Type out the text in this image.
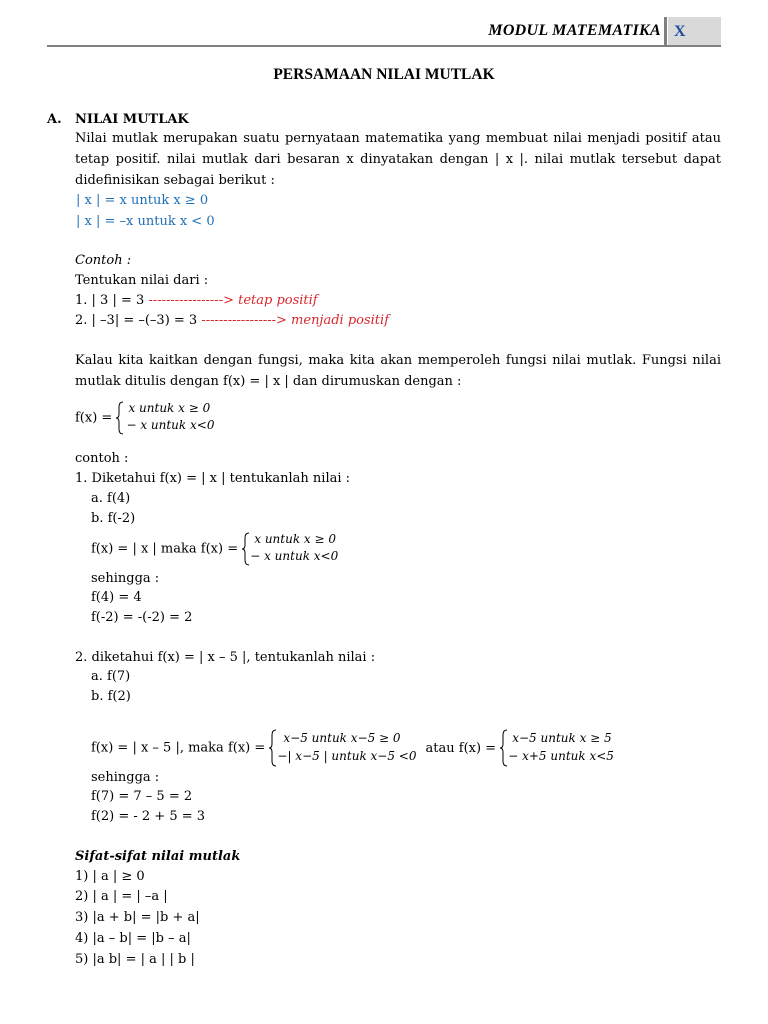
MODUL MATEMATIKA X
PERSAMAAN NILAI MUTLAK
A. NILAI MUTLAK
Nilai mutlak merupakan suatu pernyataan matematika yang membuat nilai menjadi positif atau tetap positif. nilai mutlak dari besaran x dinyatakan dengan | x |. nilai mutlak tersebut dapat didefinisikan sebagai berikut :
| x | = x untuk x ≥ 0
| x | = –x untuk x < 0
Contoh :
Tentukan nilai dari :
1. | 3 | = 3 -----------------> tetap positif
2. | –3| = –(–3) = 3 -----------------> menjadi positif
Kalau kita kaitkan dengan fungsi, maka kita akan memperoleh fungsi nilai mutlak. Fungsi nilai mutlak ditulis dengan f(x) = | x | dan dirumuskan dengan :
f(x) =
x untuk x ≥ 0
− x untuk x<0
contoh :
1. Diketahui f(x) = | x | tentukanlah nilai :
a. f(4)
b. f(-2)
f(x) = | x | maka f(x) =
x untuk x ≥ 0
− x untuk x<0
sehingga :
f(4) = 4
f(-2) = -(-2) = 2
2. diketahui f(x) = | x – 5 |, tentukanlah nilai :
a. f(7)
b. f(2)
f(x) = | x – 5 |, maka f(x) =
x−5 untuk x−5 ≥ 0
−| x−5 | untuk x−5 <0
atau f(x) =
x−5 untuk x ≥ 5
− x+5 untuk x<5
sehingga :
f(7) = 7 – 5 = 2
f(2) = - 2 + 5 = 3
Sifat-sifat nilai mutlak
1) | a | ≥ 0
2) | a | = | –a |
3) |a + b| = |b + a|
4) |a – b| = |b – a|
5) |a b| = | a | | b |
